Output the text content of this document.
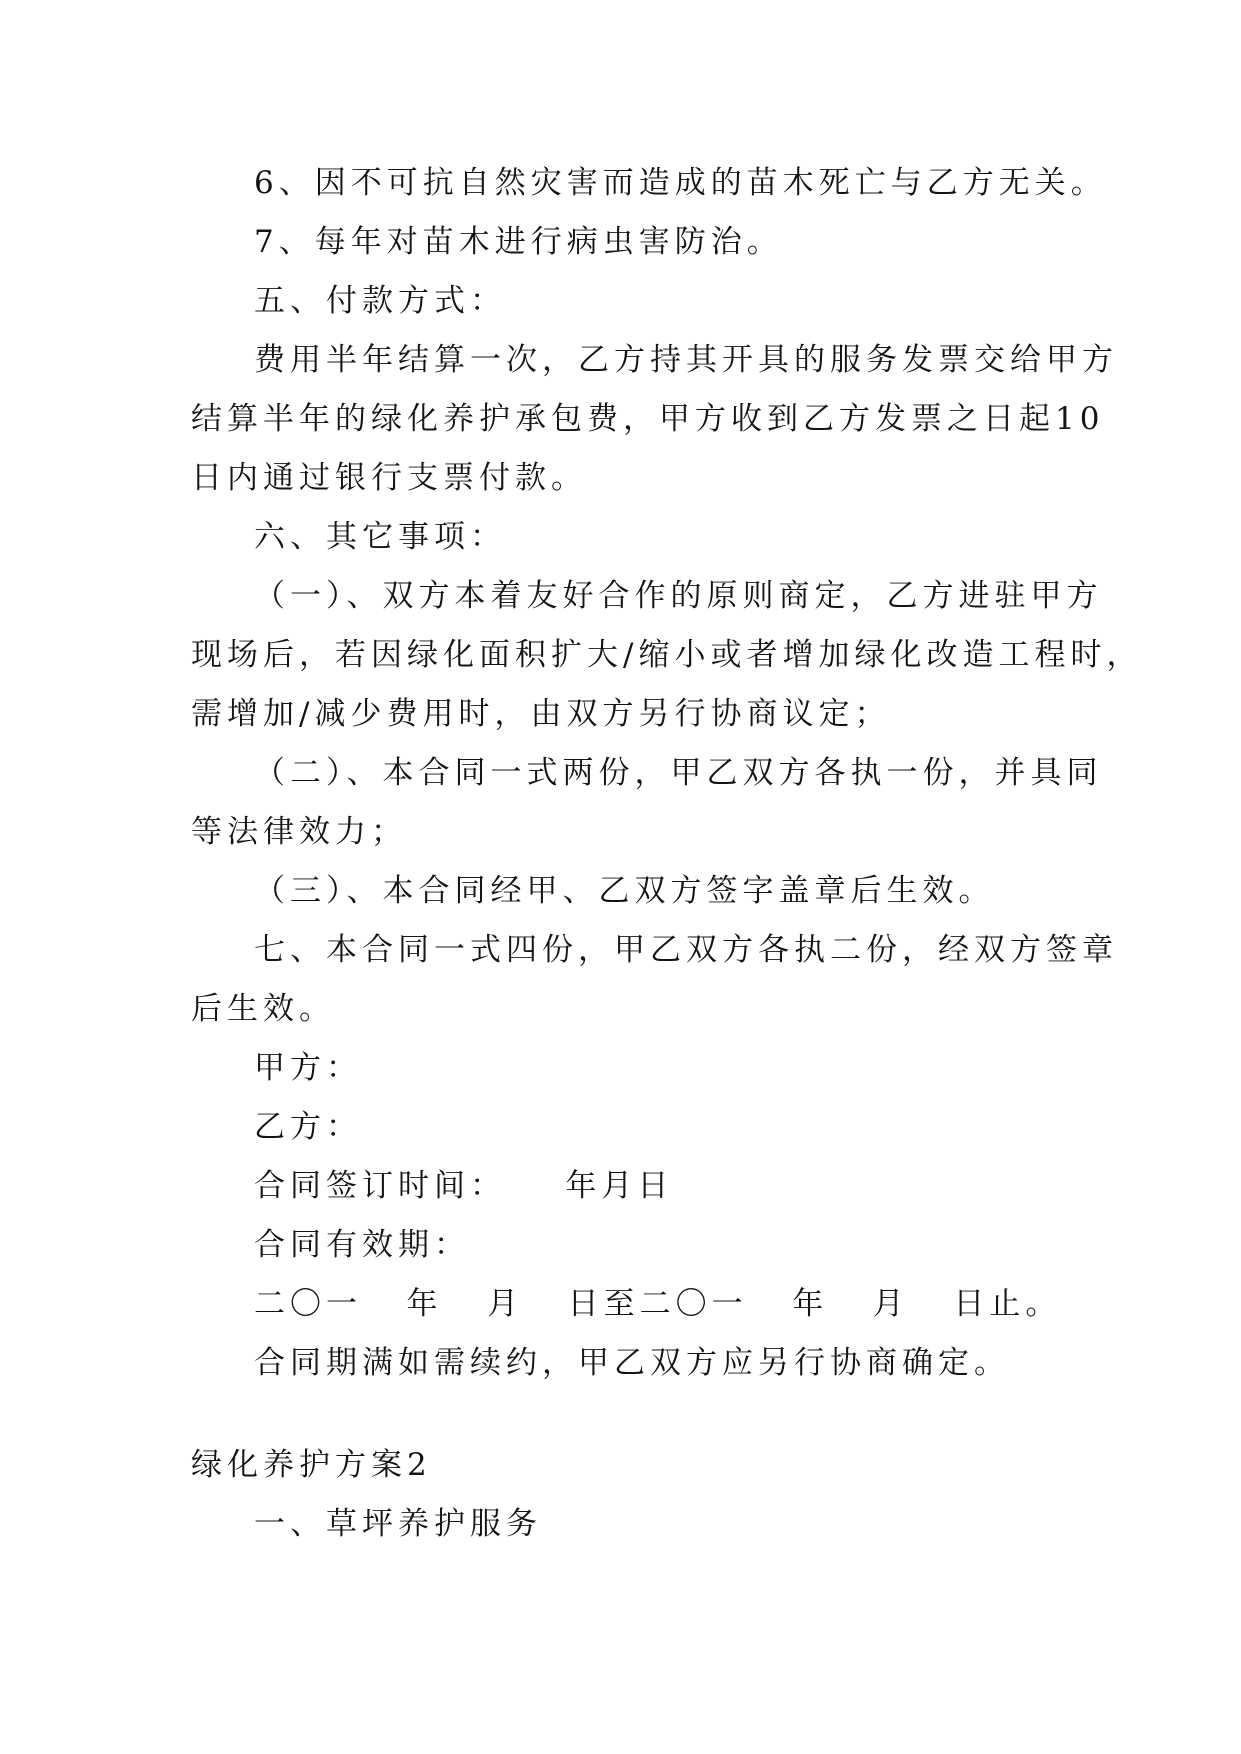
6、因不可抗自然灾害而造成的苗木死亡与乙方无关。
7、每年对苗木进行病虫害防治。
五、付款方式：
费用半年结算一次，乙方持其开具的服务发票交给甲方
结算半年的绿化养护承包费，甲方收到乙方发票之日起10
日内通过银行支票付款。
六、其它事项：
（一）、双方本着友好合作的原则商定，乙方进驻甲方
现场后，若因绿化面积扩大/缩小或者增加绿化改造工程时，
需增加/减少费用时，由双方另行协商议定；
（二）、本合同一式两份，甲乙双方各执一份，并具同
等法律效力；
（三）、本合同经甲、乙双方签字盖章后生效。
七、本合同一式四份，甲乙双方各执二份，经双方签章
后生效。
甲方：
乙方：
合同签订时间：    年月日
合同有效期：
二〇一   年   月   日至二〇一   年   月   日止。
合同期满如需续约，甲乙双方应另行协商确定。
绿化养护方案2
一、草坪养护服务
